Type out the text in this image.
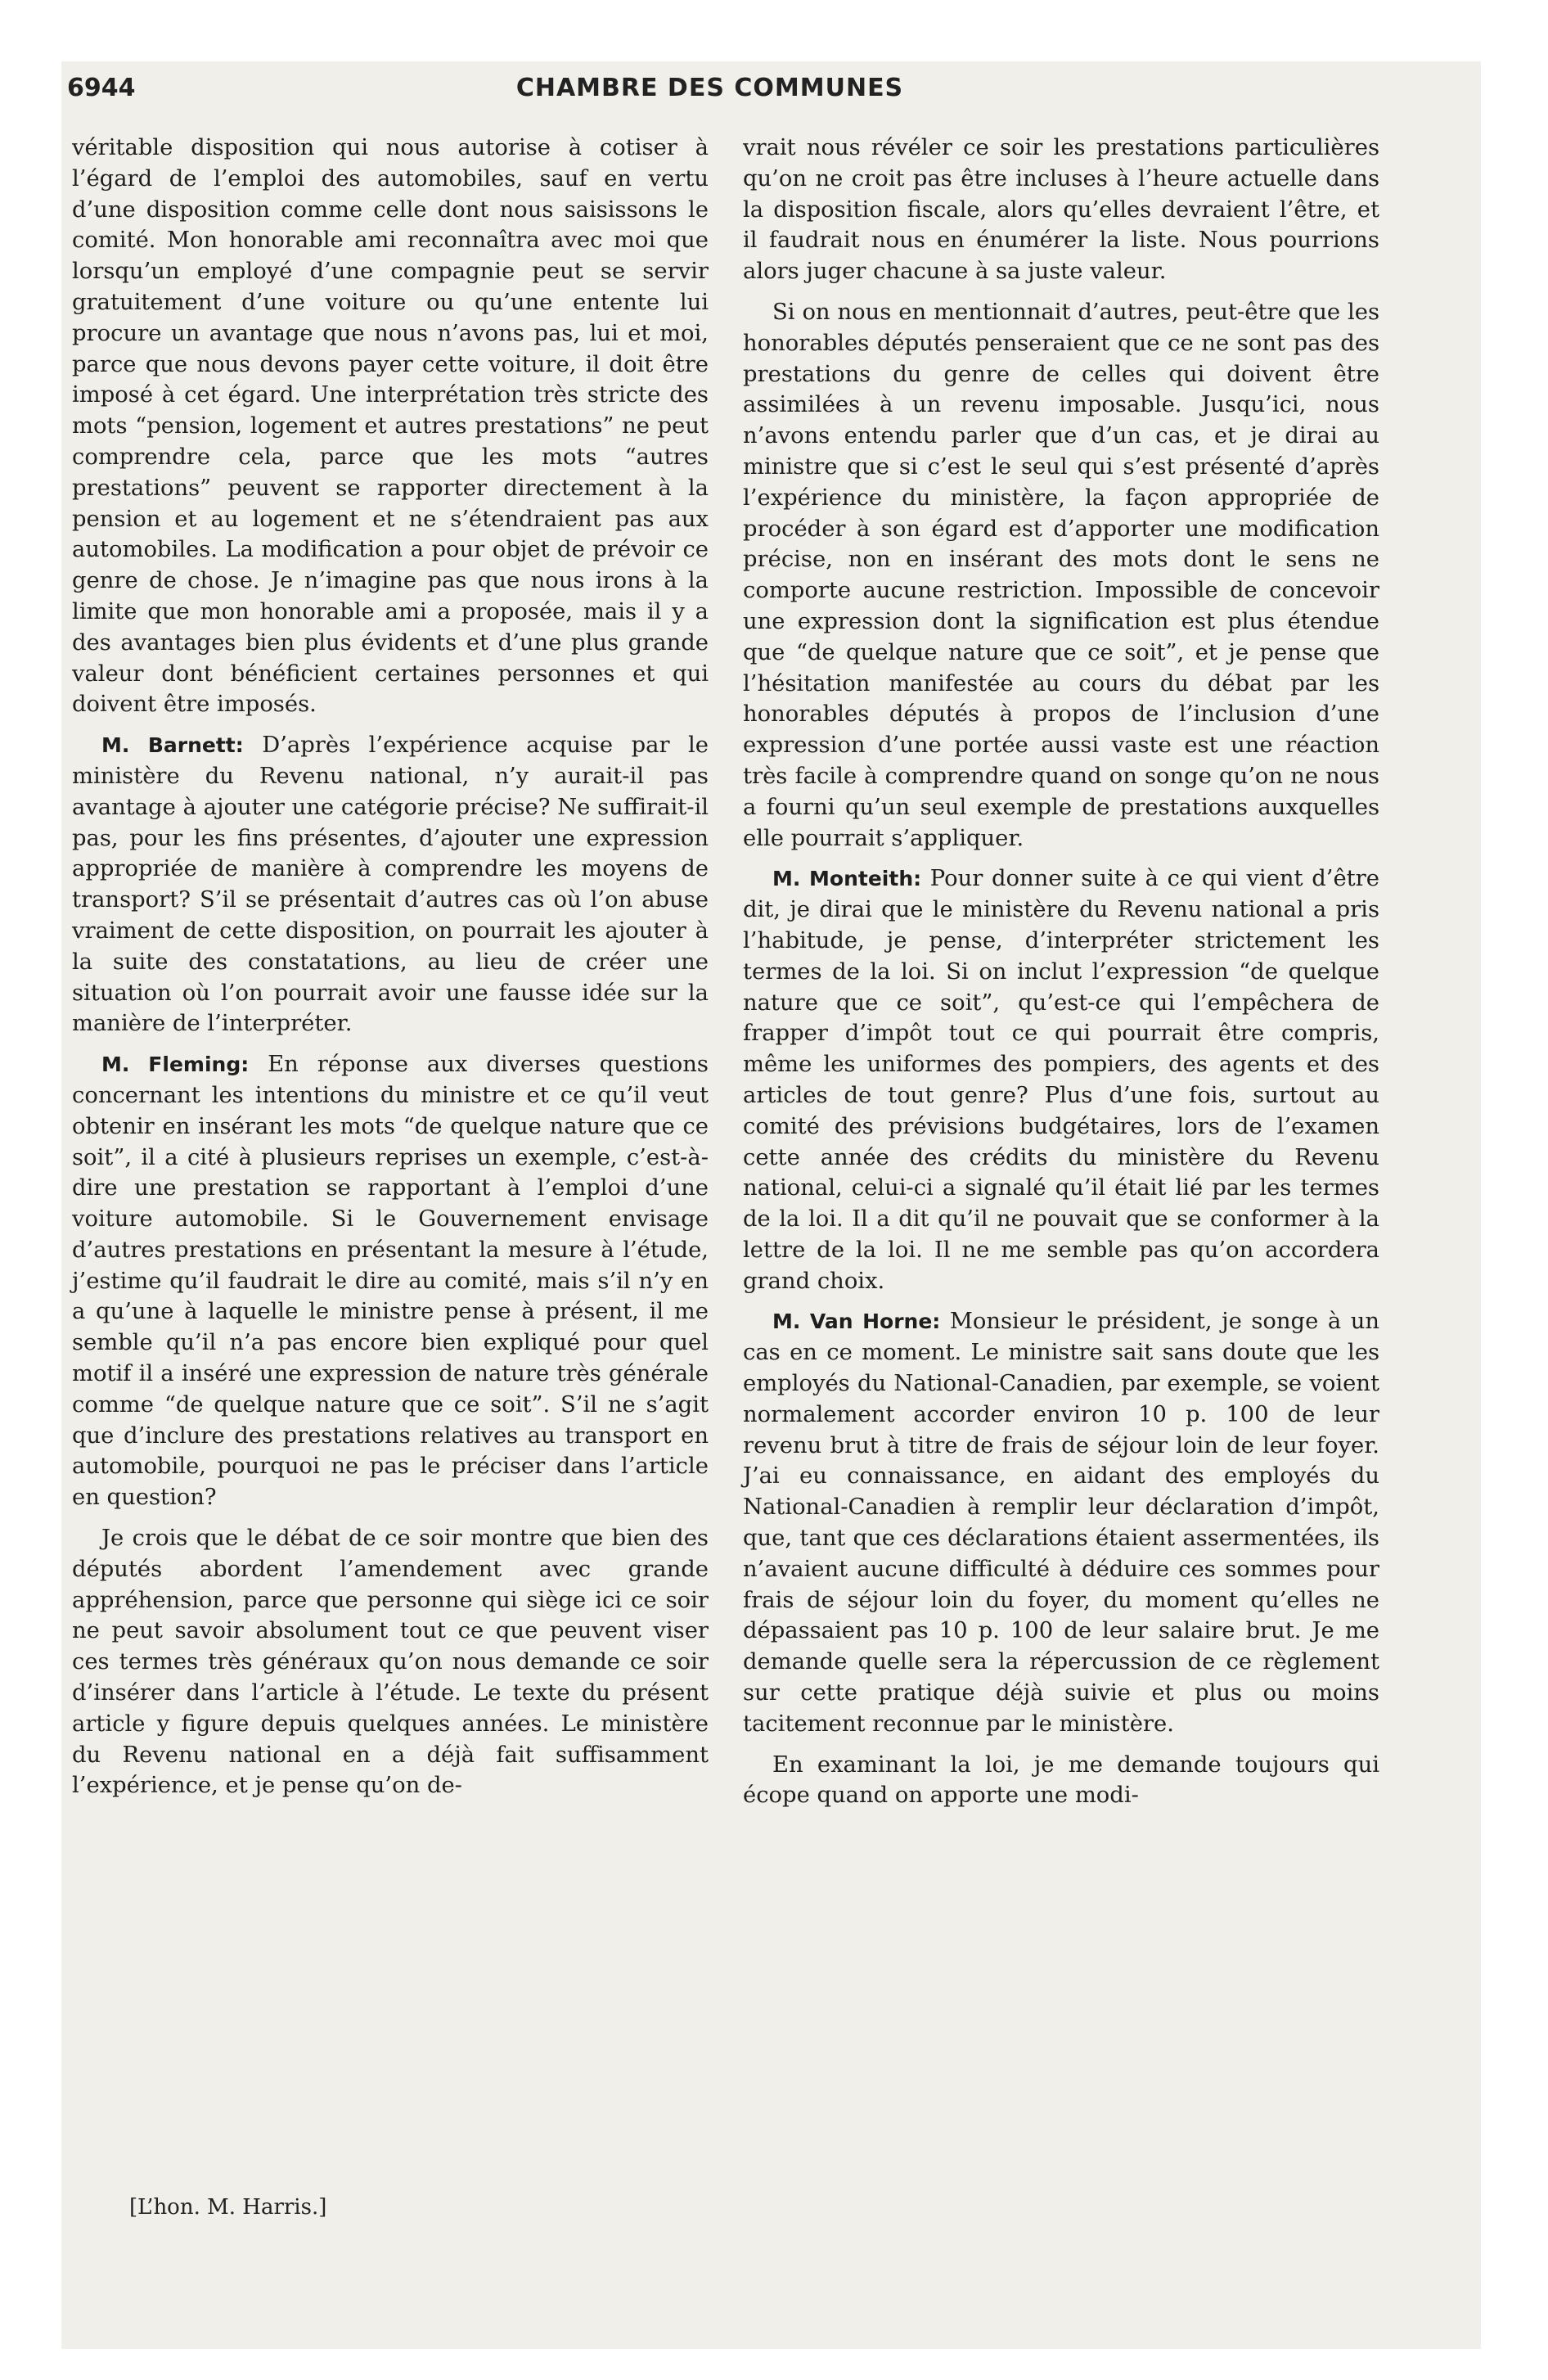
6944	CHAMBRE DES COMMUNES

véritable disposition qui nous autorise à cotiser à l’égard de l’emploi des automobiles, sauf en vertu d’une disposition comme celle dont nous saisissons le comité. Mon honorable ami reconnaîtra avec moi que lorsqu’un employé d’une compagnie peut se servir gratuitement d’une voiture ou qu’une entente lui procure un avantage que nous n’avons pas, lui et moi, parce que nous devons payer cette voiture, il doit être imposé à cet égard. Une interprétation très stricte des mots “pension, logement et autres prestations” ne peut comprendre cela, parce que les mots “autres prestations” peuvent se rapporter directement à la pension et au logement et ne s’étendraient pas aux automobiles. La modification a pour objet de prévoir ce genre de chose. Je n’imagine pas que nous irons à la limite que mon honorable ami a proposée, mais il y a des avantages bien plus évidents et d’une plus grande valeur dont bénéficient certaines personnes et qui doivent être imposés.

M. Barnett: D’après l’expérience acquise par le ministère du Revenu national, n’y aurait-il pas avantage à ajouter une catégorie précise? Ne suffirait-il pas, pour les fins présentes, d’ajouter une expression appropriée de manière à comprendre les moyens de transport? S’il se présentait d’autres cas où l’on abuse vraiment de cette disposition, on pourrait les ajouter à la suite des constatations, au lieu de créer une situation où l’on pourrait avoir une fausse idée sur la manière de l’interpréter.

M. Fleming: En réponse aux diverses questions concernant les intentions du ministre et ce qu’il veut obtenir en insérant les mots “de quelque nature que ce soit”, il a cité à plusieurs reprises un exemple, c’est-à-dire une prestation se rapportant à l’emploi d’une voiture automobile. Si le Gouvernement envisage d’autres prestations en présentant la mesure à l’étude, j’estime qu’il faudrait le dire au comité, mais s’il n’y en a qu’une à laquelle le ministre pense à présent, il me semble qu’il n’a pas encore bien expliqué pour quel motif il a inséré une expression de nature très générale comme “de quelque nature que ce soit”. S’il ne s’agit que d’inclure des prestations relatives au transport en automobile, pourquoi ne pas le préciser dans l’article en question?

Je crois que le débat de ce soir montre que bien des députés abordent l’amendement avec grande appréhension, parce que personne qui siège ici ce soir ne peut savoir absolument tout ce que peuvent viser ces termes très généraux qu’on nous demande ce soir d’insérer dans l’article à l’étude. Le texte du présent article y figure depuis quelques années. Le ministère du Revenu national en a déjà fait suffisamment l’expérience, et je pense qu’on de-

vrait nous révéler ce soir les prestations particulières qu’on ne croit pas être incluses à l’heure actuelle dans la disposition fiscale, alors qu’elles devraient l’être, et il faudrait nous en énumérer la liste. Nous pourrions alors juger chacune à sa juste valeur.

Si on nous en mentionnait d’autres, peut-être que les honorables députés penseraient que ce ne sont pas des prestations du genre de celles qui doivent être assimilées à un revenu imposable. Jusqu’ici, nous n’avons entendu parler que d’un cas, et je dirai au ministre que si c’est le seul qui s’est présenté d’après l’expérience du ministère, la façon appropriée de procéder à son égard est d’apporter une modification précise, non en insérant des mots dont le sens ne comporte aucune restriction. Impossible de concevoir une expression dont la signification est plus étendue que “de quelque nature que ce soit”, et je pense que l’hésitation manifestée au cours du débat par les honorables députés à propos de l’inclusion d’une expression d’une portée aussi vaste est une réaction très facile à comprendre quand on songe qu’on ne nous a fourni qu’un seul exemple de prestations auxquelles elle pourrait s’appliquer.

M. Monteith: Pour donner suite à ce qui vient d’être dit, je dirai que le ministère du Revenu national a pris l’habitude, je pense, d’interpréter strictement les termes de la loi. Si on inclut l’expression “de quelque nature que ce soit”, qu’est-ce qui l’empêchera de frapper d’impôt tout ce qui pourrait être compris, même les uniformes des pompiers, des agents et des articles de tout genre? Plus d’une fois, surtout au comité des prévisions budgétaires, lors de l’examen cette année des crédits du ministère du Revenu national, celui-ci a signalé qu’il était lié par les termes de la loi. Il a dit qu’il ne pouvait que se conformer à la lettre de la loi. Il ne me semble pas qu’on accordera grand choix.

M. Van Horne: Monsieur le président, je songe à un cas en ce moment. Le ministre sait sans doute que les employés du National-Canadien, par exemple, se voient normalement accorder environ 10 p. 100 de leur revenu brut à titre de frais de séjour loin de leur foyer. J’ai eu connaissance, en aidant des employés du National-Canadien à remplir leur déclaration d’impôt, que, tant que ces déclarations étaient assermentées, ils n’avaient aucune difficulté à déduire ces sommes pour frais de séjour loin du foyer, du moment qu’elles ne dépassaient pas 10 p. 100 de leur salaire brut. Je me demande quelle sera la répercussion de ce règlement sur cette pratique déjà suivie et plus ou moins tacitement reconnue par le ministère.

En examinant la loi, je me demande toujours qui écope quand on apporte une modi-

[L’hon. M. Harris.]
